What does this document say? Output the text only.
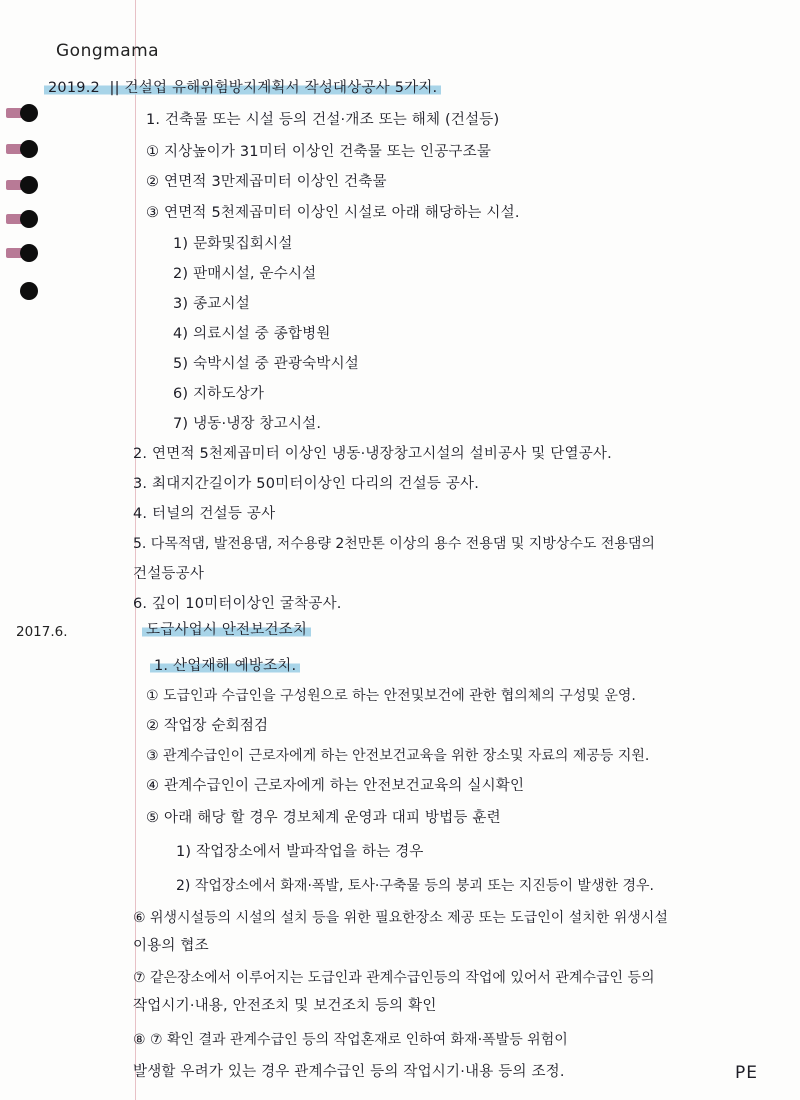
Gongmama
2019.2  || 건설업 유해위험방지계획서 작성대상공사 5가지.
1. 건축물 또는 시설 등의 건설·개조 또는 해체 (건설등)
① 지상높이가 31미터 이상인 건축물 또는 인공구조물
② 연면적 3만제곱미터 이상인 건축물
③ 연면적 5천제곱미터 이상인 시설로 아래 해당하는 시설.
1) 문화및집회시설
2) 판매시설, 운수시설
3) 종교시설
4) 의료시설 중 종합병원
5) 숙박시설 중 관광숙박시설
6) 지하도상가
7) 냉동·냉장 창고시설.
2. 연면적 5천제곱미터 이상인 냉동·냉장창고시설의 설비공사 및 단열공사.
3. 최대지간길이가 50미터이상인 다리의 건설등 공사.
4. 터널의 건설등 공사
5. 다목적댐, 발전용댐, 저수용량 2천만톤 이상의 용수 전용댐 및 지방상수도 전용댐의
건설등공사
6. 깊이 10미터이상인 굴착공사.
2017.6.	도급사업시 안전보건조치
1. 산업재해 예방조치.
① 도급인과 수급인을 구성원으로 하는 안전및보건에 관한 협의체의 구성및 운영.
② 작업장 순회점검
③ 관계수급인이 근로자에게 하는 안전보건교육을 위한 장소및 자료의 제공등 지원.
④ 관계수급인이 근로자에게 하는 안전보건교육의 실시확인
⑤ 아래 해당 할 경우 경보체계 운영과 대피 방법등 훈련
1) 작업장소에서 발파작업을 하는 경우
2) 작업장소에서 화재·폭발, 토사·구축물 등의 붕괴 또는 지진등이 발생한 경우.
⑥ 위생시설등의 시설의 설치 등을 위한 필요한장소 제공 또는 도급인이 설치한 위생시설
이용의 협조
⑦ 같은장소에서 이루어지는 도급인과 관계수급인등의 작업에 있어서 관계수급인 등의
작업시기·내용, 안전조치 및 보건조치 등의 확인
⑧ ⑦ 확인 결과 관계수급인 등의 작업혼재로 인하여 화재·폭발등 위험이
발생할 우려가 있는 경우 관계수급인 등의 작업시기·내용 등의 조정.	PE
